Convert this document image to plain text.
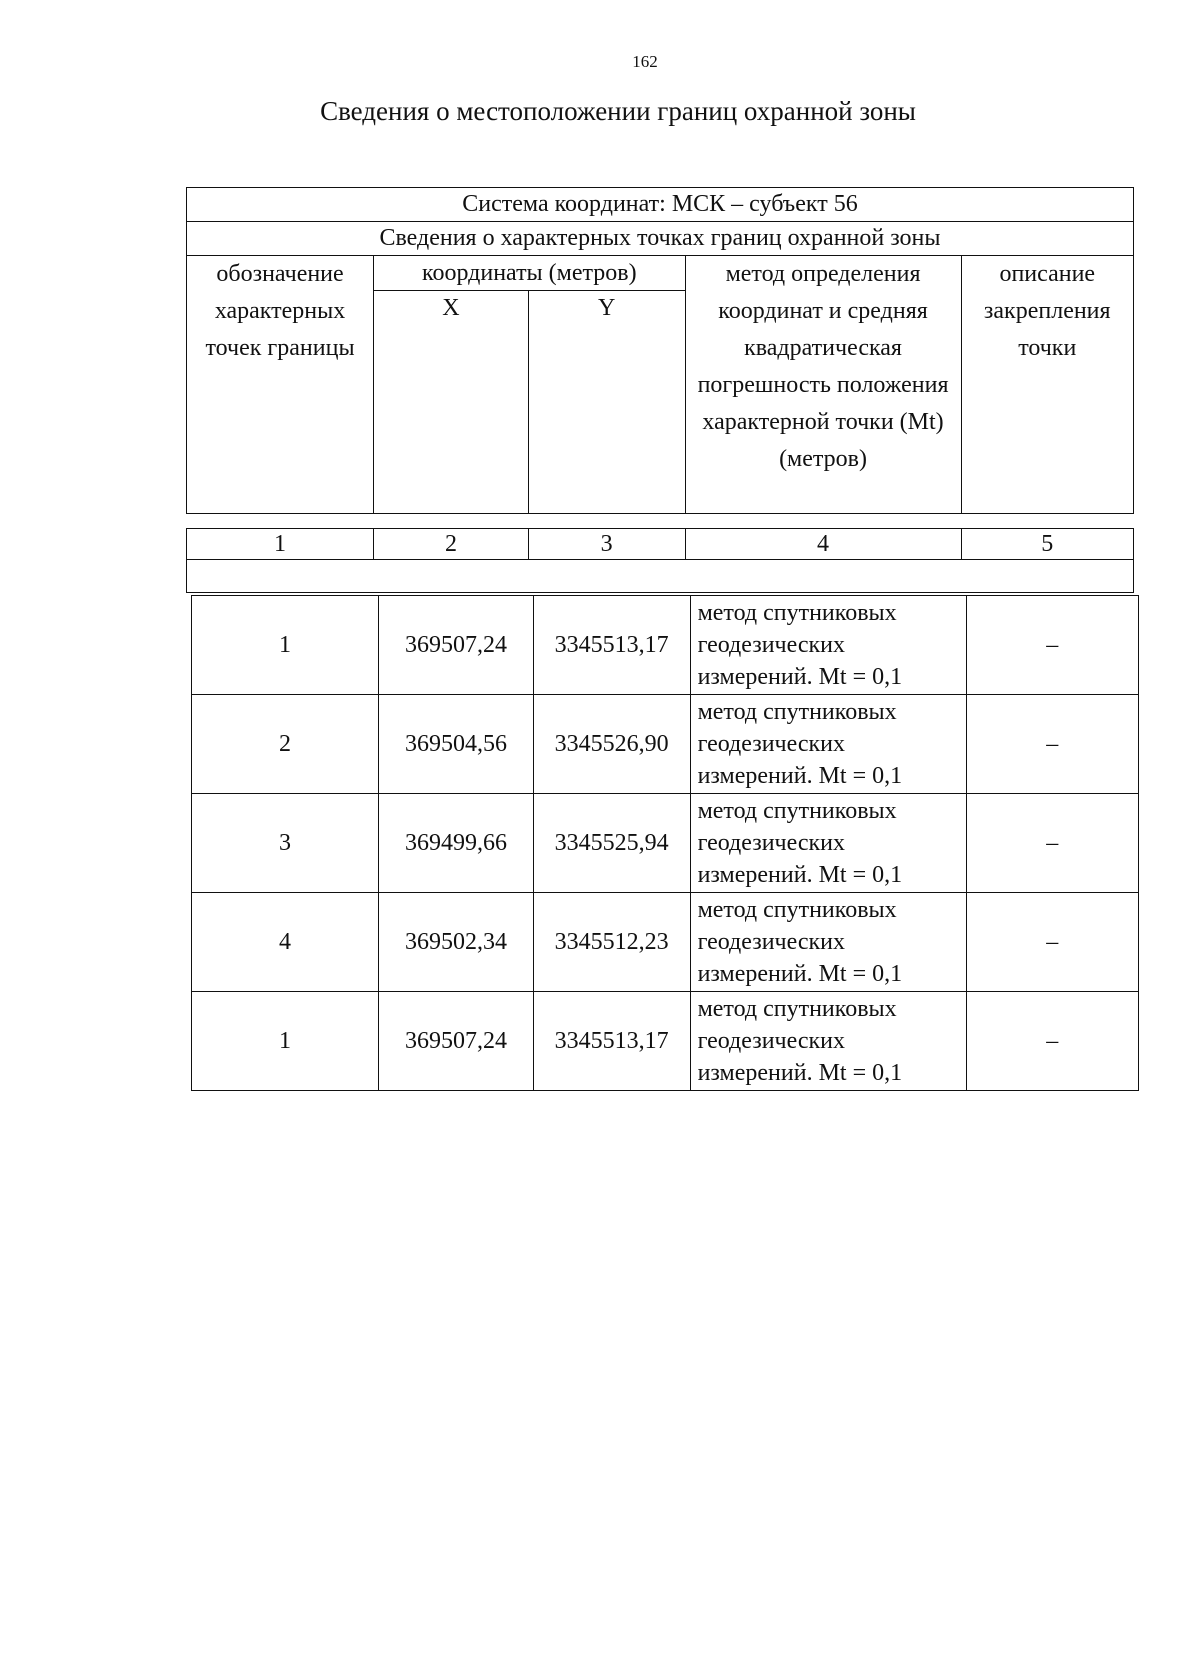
162
Сведения о местоположении границ охранной зоны
Система координат: МСК – субъект 56				
Сведения о характерных точках границ охранной зоны				
обозначение характерных точек границы	координаты (метров)		метод определения координат и средняя квадратическая погрешность положения характерной точки (Mt) (метров)	описание закрепления точки
	X	Y		
1	2	3	4	5

1	369507,24	3345513,17	метод спутниковых геодезических измерений. Mt = 0,1	–
2	369504,56	3345526,90	метод спутниковых геодезических измерений. Mt = 0,1	–
3	369499,66	3345525,94	метод спутниковых геодезических измерений. Mt = 0,1	–
4	369502,34	3345512,23	метод спутниковых геодезических измерений. Mt = 0,1	–
1	369507,24	3345513,17	метод спутниковых геодезических измерений. Mt = 0,1	–
